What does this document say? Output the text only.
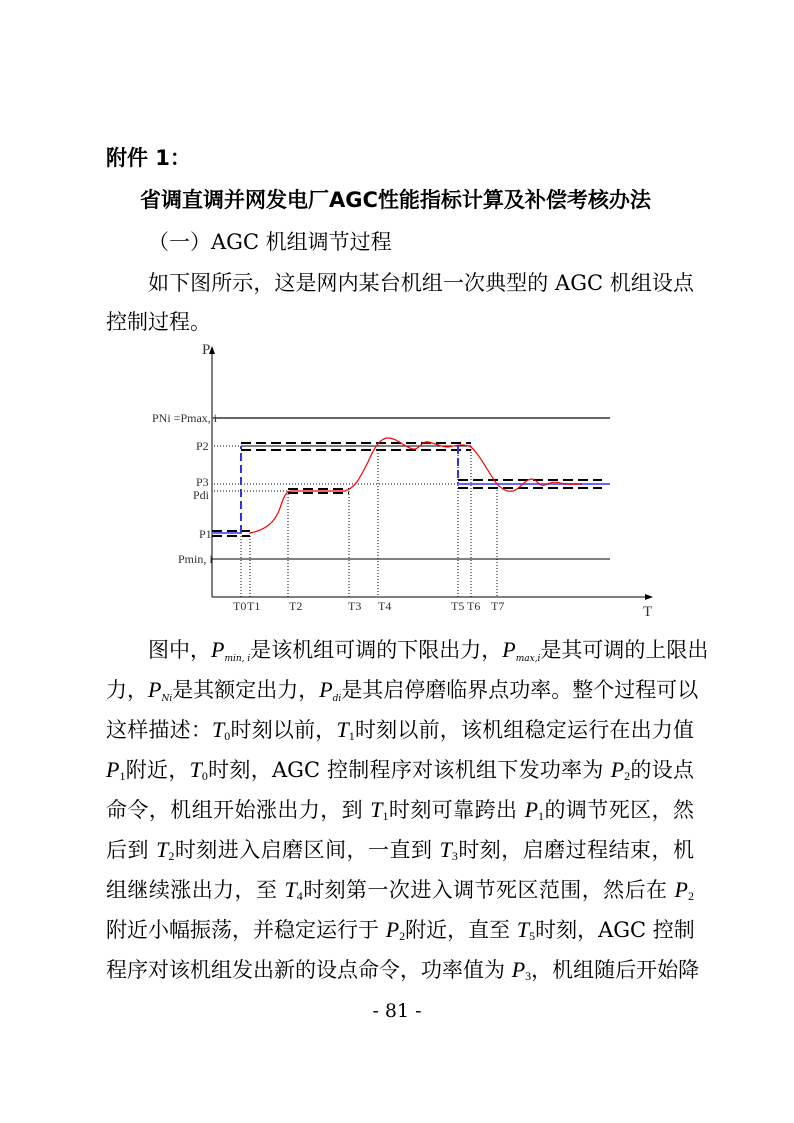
附件 1：
省调直调并网发电厂AGC性能指标计算及补偿考核办法
（一）AGC 机组调节过程
如下图所示，这是网内某台机组一次典型的 AGC 机组设点
控制过程。
P
T
PNi =Pmax, i
P2
P3
Pdi
P1
Pmin, i
T0 T1 T2	T3 T4	T5 T6 T7
图中，Pmin, i是该机组可调的下限出力，Pmax,i是其可调的上限出
力，PNi是其额定出力，Pdi是其启停磨临界点功率。整个过程可以
这样描述：T0时刻以前，T1时刻以前，该机组稳定运行在出力值
P1附近，T0时刻，AGC 控制程序对该机组下发功率为 P2的设点
命令，机组开始涨出力，到 T1时刻可靠跨出 P1的调节死区，然
后到 T2时刻进入启磨区间，一直到 T3时刻，启磨过程结束，机
组继续涨出力，至 T4时刻第一次进入调节死区范围，然后在 P2
附近小幅振荡，并稳定运行于 P2附近，直至 T5时刻，AGC 控制
程序对该机组发出新的设点命令，功率值为 P3，机组随后开始降
- 81 -
